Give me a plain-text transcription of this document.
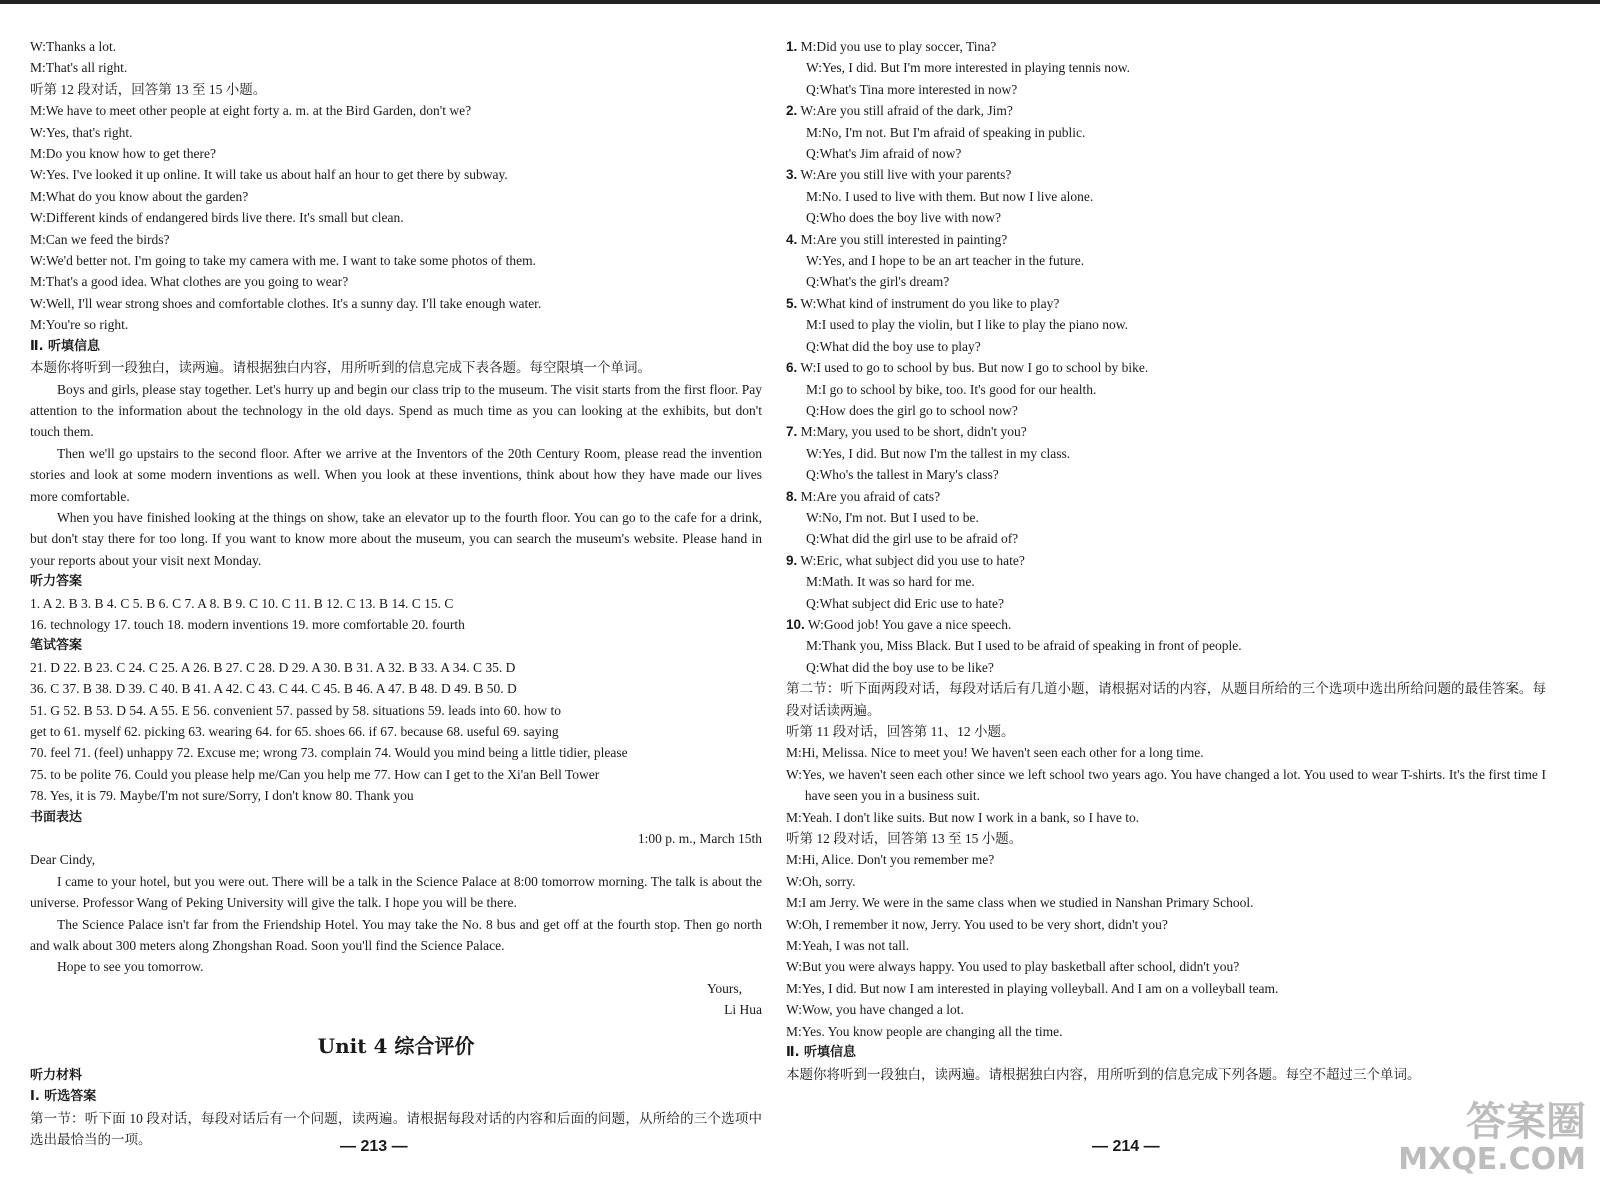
W:Thanks a lot.
M:That's all right.
听第 12 段对话，回答第 13 至 15 小题。
M:We have to meet other people at eight forty a. m. at the Bird Garden, don't we?
W:Yes, that's right.
M:Do you know how to get there?
W:Yes. I've looked it up online. It will take us about half an hour to get there by subway.
M:What do you know about the garden?
W:Different kinds of endangered birds live there. It's small but clean.
M:Can we feed the birds?
W:We'd better not. I'm going to take my camera with me. I want to take some photos of them.
M:That's a good idea. What clothes are you going to wear?
W:Well, I'll wear strong shoes and comfortable clothes. It's a sunny day. I'll take enough water.
M:You're so right.
Ⅱ. 听填信息
本题你将听到一段独白，读两遍。请根据独白内容，用所听到的信息完成下表各题。每空限填一个单词。
Boys and girls, please stay together. Let's hurry up and begin our class trip to the museum. The visit starts from the first floor. Pay attention to the information about the technology in the old days. Spend as much time as you can looking at the exhibits, but don't touch them.
Then we'll go upstairs to the second floor. After we arrive at the Inventors of the 20th Century Room, please read the invention stories and look at some modern inventions as well. When you look at these inventions, think about how they have made our lives more comfortable.
When you have finished looking at the things on show, take an elevator up to the fourth floor. You can go to the cafe for a drink, but don't stay there for too long. If you want to know more about the museum, you can search the museum's website. Please hand in your reports about your visit next Monday.
听力答案
1. A 2. B 3. B 4. C 5. B 6. C 7. A 8. B 9. C 10. C 11. B 12. C 13. B 14. C 15. C
16. technology 17. touch 18. modern inventions 19. more comfortable 20. fourth
笔试答案
21. D 22. B 23. C 24. C 25. A 26. B 27. C 28. D 29. A 30. B 31. A 32. B 33. A 34. C 35. D
36. C 37. B 38. D 39. C 40. B 41. A 42. C 43. C 44. C 45. B 46. A 47. B 48. D 49. B 50. D
51. G 52. B 53. D 54. A 55. E 56. convenient 57. passed by 58. situations 59. leads into 60. how to
get to 61. myself 62. picking 63. wearing 64. for 65. shoes 66. if 67. because 68. useful 69. saying
70. feel 71. (feel) unhappy 72. Excuse me; wrong 73. complain 74. Would you mind being a little tidier, please
75. to be polite 76. Could you please help me/Can you help me 77. How can I get to the Xi'an Bell Tower
78. Yes, it is 79. Maybe/I'm not sure/Sorry, I don't know 80. Thank you
书面表达
1:00 p. m., March 15th
Dear Cindy,
I came to your hotel, but you were out. There will be a talk in the Science Palace at 8:00 tomorrow morning. The talk is about the universe. Professor Wang of Peking University will give the talk. I hope you will be there.
The Science Palace isn't far from the Friendship Hotel. You may take the No. 8 bus and get off at the fourth stop. Then go north and walk about 300 meters along Zhongshan Road. Soon you'll find the Science Palace.
Hope to see you tomorrow.
Yours,
Li Hua
Unit 4 综合评价
听力材料
Ⅰ. 听选答案
第一节：听下面 10 段对话，每段对话后有一个问题，读两遍。请根据每段对话的内容和后面的问题，从所给的三个选项中选出最恰当的一项。	— 213 —
1. M:Did you use to play soccer, Tina?
W:Yes, I did. But I'm more interested in playing tennis now.
Q:What's Tina more interested in now?
2. W:Are you still afraid of the dark, Jim?
M:No, I'm not. But I'm afraid of speaking in public.
Q:What's Jim afraid of now?
3. W:Are you still live with your parents?
M:No. I used to live with them. But now I live alone.
Q:Who does the boy live with now?
4. M:Are you still interested in painting?
W:Yes, and I hope to be an art teacher in the future.
Q:What's the girl's dream?
5. W:What kind of instrument do you like to play?
M:I used to play the violin, but I like to play the piano now.
Q:What did the boy use to play?
6. W:I used to go to school by bus. But now I go to school by bike.
M:I go to school by bike, too. It's good for our health.
Q:How does the girl go to school now?
7. M:Mary, you used to be short, didn't you?
W:Yes, I did. But now I'm the tallest in my class.
Q:Who's the tallest in Mary's class?
8. M:Are you afraid of cats?
W:No, I'm not. But I used to be.
Q:What did the girl use to be afraid of?
9. W:Eric, what subject did you use to hate?
M:Math. It was so hard for me.
Q:What subject did Eric use to hate?
10. W:Good job! You gave a nice speech.
M:Thank you, Miss Black. But I used to be afraid of speaking in front of people.
Q:What did the boy use to be like?
第二节：听下面两段对话，每段对话后有几道小题，请根据对话的内容，从题目所给的三个选项中选出所给问题的最佳答案。每段对话读两遍。
听第 11 段对话，回答第 11、12 小题。
M:Hi, Melissa. Nice to meet you! We haven't seen each other for a long time.
W:Yes, we haven't seen each other since we left school two years ago. You have changed a lot. You used to wear T-shirts. It's the first time I have seen you in a business suit.
M:Yeah. I don't like suits. But now I work in a bank, so I have to.
听第 12 段对话，回答第 13 至 15 小题。
M:Hi, Alice. Don't you remember me?
W:Oh, sorry.
M:I am Jerry. We were in the same class when we studied in Nanshan Primary School.
W:Oh, I remember it now, Jerry. You used to be very short, didn't you?
M:Yeah, I was not tall.
W:But you were always happy. You used to play basketball after school, didn't you?
M:Yes, I did. But now I am interested in playing volleyball. And I am on a volleyball team.
W:Wow, you have changed a lot.
M:Yes. You know people are changing all the time.
Ⅱ. 听填信息
本题你将听到一段独白，读两遍。请根据独白内容，用所听到的信息完成下列各题。每空不超过三个单词。
— 214 —
答案圈
MXQE.COM
